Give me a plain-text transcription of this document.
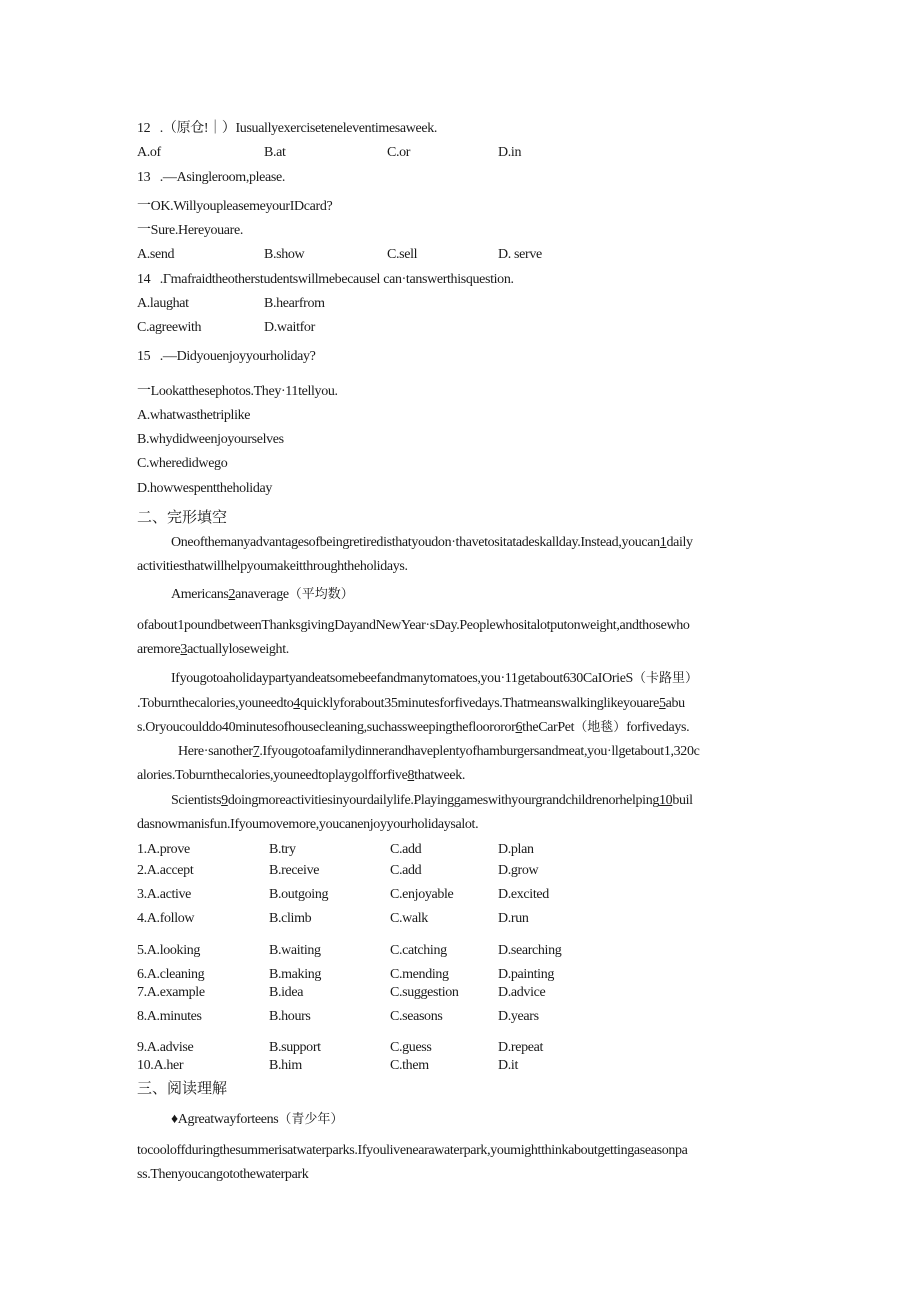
12 .（原仓!｜）Iusuallyexerciseteneleventimesaweek.
A.of	B.at	C.or	D.in
13 .—Asingleroom,please.
一OK.WillyoupleasemeyourIDcard?
一Sure.Hereyouare.
A.send	B.show	C.sell	D. serve
14 .Γmafraidtheotherstudentswillmebecausel can·tanswerthisquestion.
A.laughat	B.hearfrom
C.agreewith	D.waitfor
15 .—Didyouenjoyyourholiday?
一Lookatthesephotos.They·11tellyou.
A.whatwasthetriplike
B.whydidweenjoyourselves
C.wheredidwego
D.howwespenttheholiday
二、完形填空
Oneofthemanyadvantagesofbeingretiredisthatyoudon·thavetositatadeskallday.Instead,youcan1daily
activitiesthatwillhelpyoumakeitthroughtheholidays.
Americans2anaverage（平均数）
ofabout1poundbetweenThanksgivingDayandNewYear·sDay.Peoplewhositalotputonweight,andthosewho
aremore3actuallyloseweight.
Ifyougotoaholidaypartyandeatsomebeefandmanytomatoes,you·11getabout630CaIOrieS（卡路里）
.Toburnthecalories,youneedto4quicklyforabout35minutesforfivedays.Thatmeanswalkinglikeyouare5abu
s.Oryoucoulddo40minutesofhousecleaning,suchassweepingthefloororor6theCarPet（地毯）forfivedays.
Here·sanother7.Ifyougotoafamilydinnerandhaveplentyofhamburgersandmeat,you·llgetabout1,320c
alories.Toburnthecalories,youneedtoplaygolfforfive8thatweek.
Scientists9doingmoreactivitiesinyourdailylife.Playinggameswithyourgrandchildrenorhelping10buil
dasnowmanisfun.Ifyoumovemore,youcanenjoyyourholidaysalot.
1.A.prove	B.try	C.add	D.plan
2.A.accept	B.receive	C.add	D.grow
3.A.active	B.outgoing	C.enjoyable	D.excited
4.A.follow	B.climb	C.walk	D.run
5.A.looking	B.waiting	C.catching	D.searching
6.A.cleaning	B.making	C.mending	D.painting
7.A.example	B.idea	C.suggestion	D.advice
8.A.minutes	B.hours	C.seasons	D.years
9.A.advise	B.support	C.guess	D.repeat
10.A.her	B.him	C.them	D.it
三、阅读理解
♦Agreatwayforteens（青少年）
tocooloffduringthesummerisatwaterparks.Ifyoulivenearawaterpark,youmightthinkaboutgettingaseasonpa
ss.Thenyoucangotothewaterpark
